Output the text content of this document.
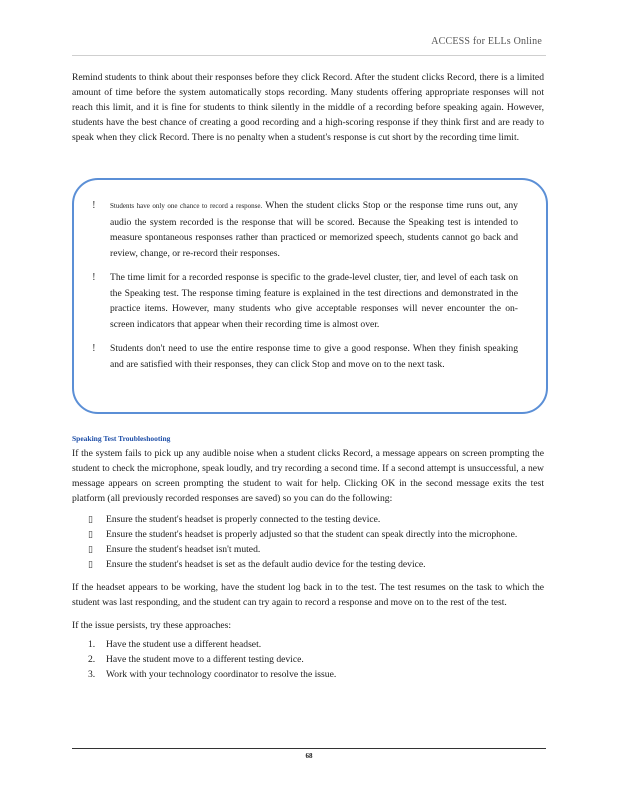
ACCESS for ELLs Online

Remind students to think about their responses before they click Record. After the student clicks Record, there is a limited amount of time before the system automatically stops recording. Many students offering appropriate responses will not reach this limit, and it is fine for students to think silently in the middle of a recording before speaking again. However, students have the best chance of creating a good recording and a high-scoring response if they think first and are ready to speak when they click Record. There is no penalty when a student's response is cut short by the recording time limit.

!	Students have only one chance to record a response. When the student clicks Stop or the response time runs out, any audio the system recorded is the response that will be scored. Because the Speaking test is intended to measure spontaneous responses rather than practiced or memorized speech, students cannot go back and review, change, or re-record their responses.
!	The time limit for a recorded response is specific to the grade-level cluster, tier, and level of each task on the Speaking test. The response timing feature is explained in the test directions and demonstrated in the practice items. However, many students who give acceptable responses will never encounter the on-screen indicators that appear when their recording time is almost over.
!	Students don't need to use the entire response time to give a good response. When they finish speaking and are satisfied with their responses, they can click Stop and move on to the next task.
Speaking Test Troubleshooting

If the system fails to pick up any audible noise when a student clicks Record, a message appears on screen prompting the student to check the microphone, speak loudly, and try recording a second time. If a second attempt is unsuccessful, a new message appears on screen prompting the student to wait for help. Clicking OK in the second message exits the test platform (all previously recorded responses are saved) so you can do the following:

▯	Ensure the student's headset is properly connected to the testing device.
▯	Ensure the student's headset is properly adjusted so that the student can speak directly into the microphone.
▯	Ensure the student's headset isn't muted.
▯	Ensure the student's headset is set as the default audio device for the testing device.

If the headset appears to be working, have the student log back in to the test. The test resumes on the task to which the student was last responding, and the student can try again to record a response and move on to the rest of the test.

If the issue persists, try these approaches:

1.	Have the student use a different headset.
2.	Have the student move to a different testing device.
3.	Work with your technology coordinator to resolve the issue.
68
